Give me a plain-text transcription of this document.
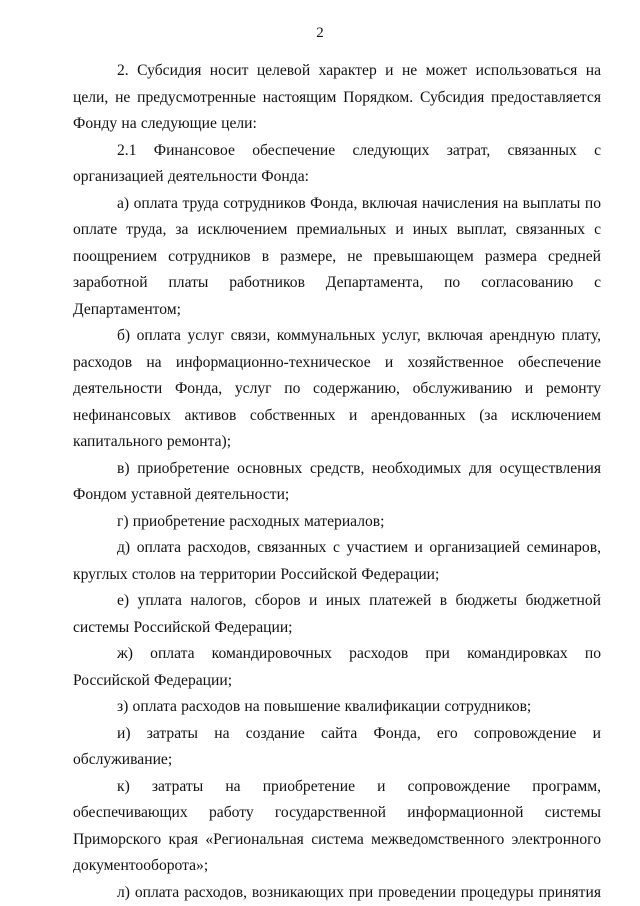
2

2. Субсидия носит целевой характер и не может использоваться на цели, не предусмотренные настоящим Порядком. Субсидия предоставляется Фонду на следующие цели:

2.1 Финансовое обеспечение следующих затрат, связанных с организацией деятельности Фонда:

а) оплата труда сотрудников Фонда, включая начисления на выплаты по оплате труда, за исключением премиальных и иных выплат, связанных с поощрением сотрудников в размере, не превышающем размера средней заработной платы работников Департамента, по согласованию с Департаментом;

б) оплата услуг связи, коммунальных услуг, включая арендную плату, расходов на информационно-техническое и хозяйственное обеспечение деятельности Фонда, услуг по содержанию, обслуживанию и ремонту нефинансовых активов собственных и арендованных (за исключением капитального ремонта);

в) приобретение основных средств, необходимых для осуществления Фондом уставной деятельности;

г) приобретение расходных материалов;

д) оплата расходов, связанных с участием и организацией семинаров, круглых столов на территории Российской Федерации;

е) уплата налогов, сборов и иных платежей в бюджеты бюджетной системы Российской Федерации;

ж) оплата командировочных расходов при командировках по Российской Федерации;

з) оплата расходов на повышение квалификации сотрудников;

и) затраты на создание сайта Фонда, его сопровождение и обслуживание;

к) затраты на приобретение и сопровождение программ, обеспечивающих работу государственной информационной системы Приморского края «Региональная система межведомственного электронного документооборота»;

л) оплата расходов, возникающих при проведении процедуры принятия
